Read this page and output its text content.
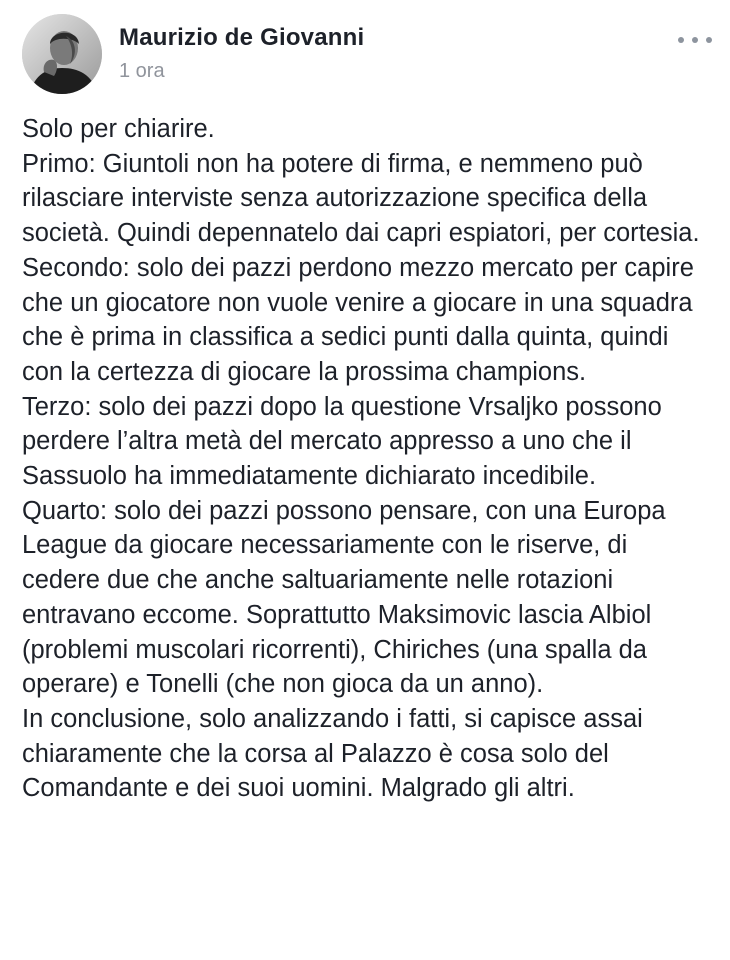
Maurizio de Giovanni
1 ora

Solo per chiarire.

Primo: Giuntoli non ha potere di firma, e nemmeno può rilasciare interviste senza autorizzazione specifica della società. Quindi depennatelo dai capri espiatori, per cortesia.

Secondo: solo dei pazzi perdono mezzo mercato per capire che un giocatore non vuole venire a giocare in una squadra che è prima in classifica a sedici punti dalla quinta, quindi con la certezza di giocare la prossima champions.

Terzo: solo dei pazzi dopo la questione Vrsaljko possono perdere l’altra metà del mercato appresso a uno che il Sassuolo ha immediatamente dichiarato incedibile.

Quarto: solo dei pazzi possono pensare, con una Europa League da giocare necessariamente con le riserve, di cedere due che anche saltuariamente nelle rotazioni entravano eccome. Soprattutto Maksimovic lascia Albiol (problemi muscolari ricorrenti), Chiriches (una spalla da operare) e Tonelli (che non gioca da un anno).

In conclusione, solo analizzando i fatti, si capisce assai chiaramente che la corsa al Palazzo è cosa solo del Comandante e dei suoi uomini. Malgrado gli altri.
